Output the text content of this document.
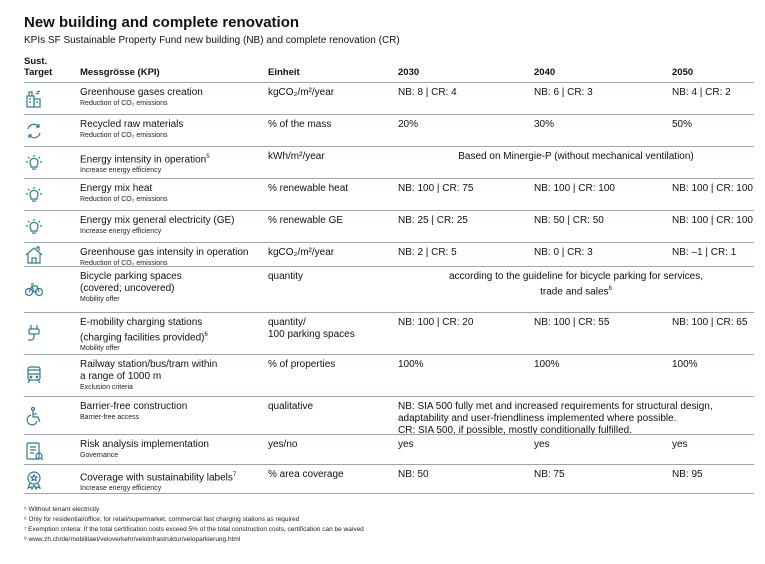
New building and complete renovation
KPIs SF Sustainable Property Fund new building (NB) and complete renovation (CR)
Sust.
Target	Messgrösse (KPI)	Einheit	2030	2040	2050
Greenhouse gases creation
Reduction of CO₂ emissions
kgCO₂/m²/year	NB: 8 | CR: 4	NB: 6 | CR: 3	NB: 4 | CR: 2
Recycled raw materials
Reduction of CO₂ emissions
% of the mass	20%	30%	50%
Energy intensity in operation$^5$
Increase energy efficiency
kWh/m²/year	Based on Minergie-P (without mechanical ventilation)
Energy mix heat
Reduction of CO₂ emissions
% renewable heat	NB: 100 | CR: 75	NB: 100 | CR: 100	NB: 100 | CR: 100
Energy mix general electricity (GE)
Increase energy efficiency
% renewable GE	NB: 25 | CR: 25	NB: 50 | CR: 50	NB: 100 | CR: 100
Greenhouse gas intensity in operation
Reduction of CO₂ emissions
kgCO₂/m²/year	NB: 2 | CR: 5	NB: 0 | CR: 3	NB: –1 | CR: 1
Bicycle parking spaces
(covered; uncovered)
Mobility offer
quantity	according to the guideline for bicycle parking for services,
trade and sales$^8$
E-mobility charging stations
(charging facilities provided)$^6$
Mobility offer
quantity/
100 parking spaces
NB: 100 | CR: 20	NB: 100 | CR: 55	NB: 100 | CR: 65
Railway station/bus/tram within
a range of 1000 m
Exclusion criteria
% of properties	100%	100%	100%
Barrier-free construction
Barrier-free access
qualitative	NB: SIA 500 fully met and increased requirements for structural design,
adaptability and user-friendliness implemented where possible.
CR: SIA 500, if possible, mostly conditionally fulfilled.
Risk analysis implementation
Governance
yes/no	yes	yes	yes
Coverage with sustainability labels$^7$
Increase energy efficiency
% area coverage	NB: 50	NB: 75	NB: 95
⁵ Without tenant electricity
⁶ Only for residential/office; for retail/supermarket, commercial fast charging stations as required
⁷ Exemption criteria: If the total certification costs exceed 5% of the total construction costs, certification can be waived
⁸ www.zh.ch/de/mobilitaet/veloverkehr/veloinfrastruktur/veloparkierung.html
